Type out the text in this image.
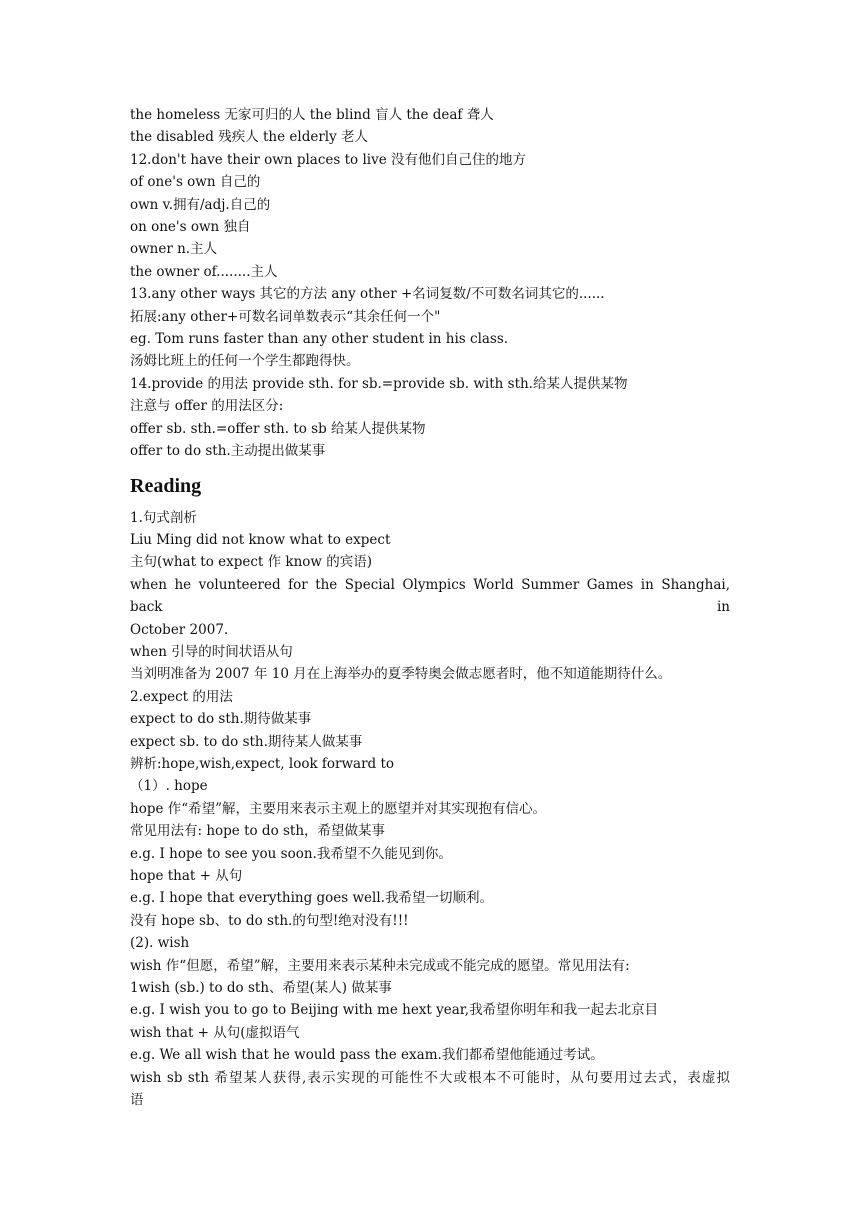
the homeless 无家可归的人 the blind 盲人 the deaf 聋人
the disabled 残疾人 the elderly 老人
12.don't have their own places to live 没有他们自己住的地方
of one's own 自己的
own v.拥有/adj.自己的
on one's own 独自
owner n.主人
the owner of........主人
13.any other ways 其它的方法 any other +名词复数/不可数名词其它的......
拓展:any other+可数名词单数表示“其余任何一个"
eg. Tom runs faster than any other student in his class.
汤姆比班上的任何一个学生都跑得快。
14.provide 的用法 provide sth. for sb.=provide sb. with sth.给某人提供某物
注意与 offer 的用法区分:
offer sb. sth.=offer sth. to sb 给某人提供某物
offer to do sth.主动提出做某事
Reading
1.句式剖析
Liu Ming did not know what to expect
主句(what to expect 作 know 的宾语)
when he volunteered for the Special Olympics World Summer Games in Shanghai, back in
October 2007.
when 引导的时间状语从句
当刘明准备为 2007 年 10 月在上海举办的夏季特奥会做志愿者时，他不知道能期待什么。
2.expect 的用法
expect to do sth.期待做某事
expect sb. to do sth.期待某人做某事
辨析:hope,wish,expect, look forward to
（1）. hope
hope 作“希望”解，主要用来表示主观上的愿望并对其实现抱有信心。
常见用法有: hope to do sth，希望做某事
e.g. I hope to see you soon.我希望不久能见到你。
hope that + 从句
e.g. I hope that everything goes well.我希望一切顺利。
没有 hope sb、to do sth.的句型!绝对没有!!!
(2). wish
wish 作“但愿，希望”解，主要用来表示某种未完成或不能完成的愿望。常见用法有:
1wish (sb.) to do sth、希望(某人) 做某事
e.g. I wish you to go to Beijing with me hext year,我希望你明年和我一起去北京目
wish that + 从句(虚拟语气
e.g. We all wish that he would pass the exam.我们都希望他能通过考试。
wish sb sth 希望某人获得,表示实现的可能性不大或根本不可能时，从句要用过去式，表虚拟
语
